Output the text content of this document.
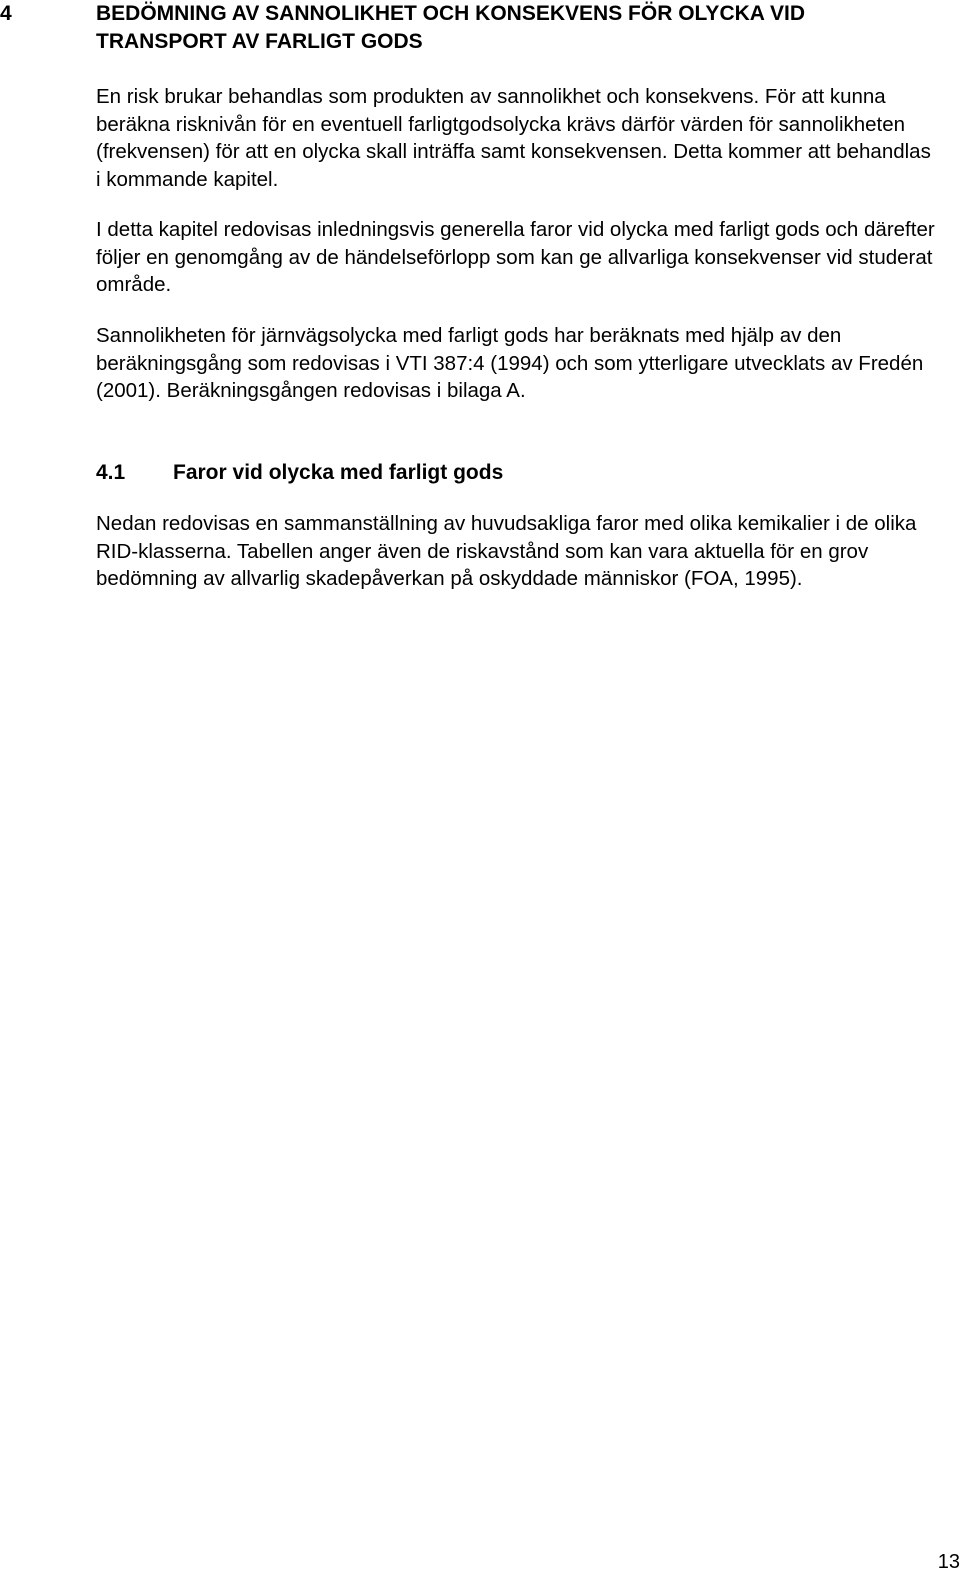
4	BEDÖMNING AV SANNOLIKHET OCH KONSEKVENS FÖR OLYCKA VID TRANSPORT AV FARLIGT GODS

En risk brukar behandlas som produkten av sannolikhet och konsekvens. För att kunna beräkna risknivån för en eventuell farligtgodsolycka krävs därför värden för sannolikheten (frekvensen) för att en olycka skall inträffa samt konsekvensen. Detta kommer att behandlas i kommande kapitel.

I detta kapitel redovisas inledningsvis generella faror vid olycka med farligt gods och därefter följer en genomgång av de händelseförlopp som kan ge allvarliga konsekvenser vid studerat område.

Sannolikheten för järnvägsolycka med farligt gods har beräknats med hjälp av den beräkningsgång som redovisas i VTI 387:4 (1994) och som ytterligare utvecklats av Fredén (2001). Beräkningsgången redovisas i bilaga A.

4.1 Faror vid olycka med farligt gods

Nedan redovisas en sammanställning av huvudsakliga faror med olika kemikalier i de olika RID-klasserna. Tabellen anger även de riskavstånd som kan vara aktuella för en grov bedömning av allvarlig skadepåverkan på oskyddade människor (FOA, 1995).

13
